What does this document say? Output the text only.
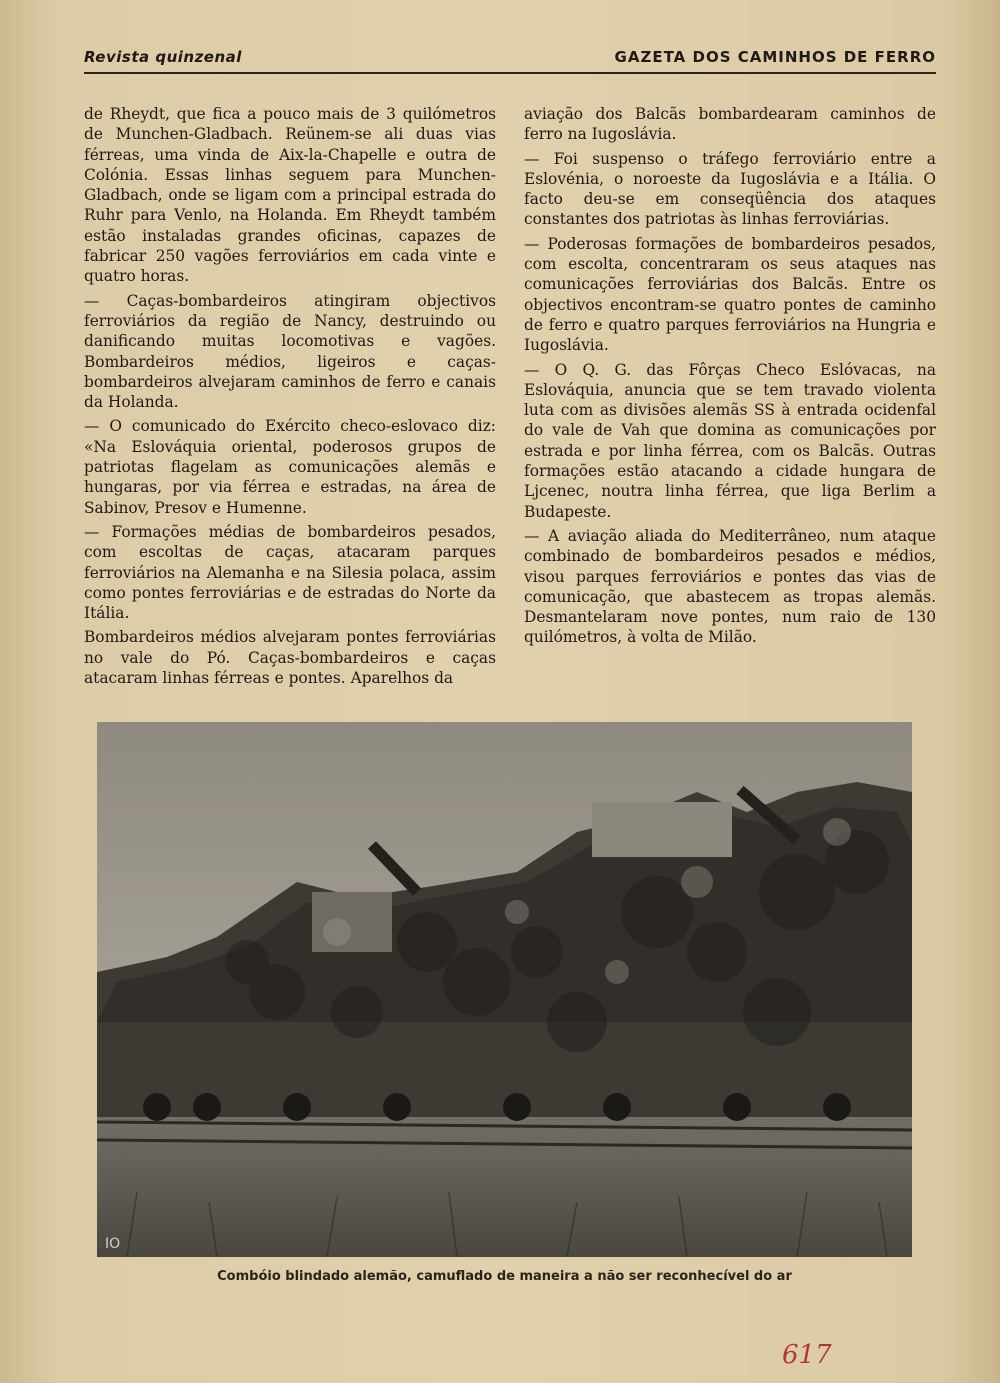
Revista quinzenal	GAZETA DOS CAMINHOS DE FERRO

de Rheydt, que fica a pouco mais de 3 quilómetros de Munchen-Gladbach. Reünem-se ali duas vias férreas, uma vinda de Aix-la-Chapelle e outra de Colónia. Essas linhas seguem para Munchen-Gladbach, onde se ligam com a principal estrada do Ruhr para Venlo, na Holanda. Em Rheydt também estão instaladas grandes oficinas, capazes de fabricar 250 vagões ferroviários em cada vinte e quatro horas.

— Caças-bombardeiros atingiram objectivos ferroviários da região de Nancy, destruindo ou danificando muitas locomotivas e vagões. Bombardeiros médios, ligeiros e caças-bombardeiros alvejaram caminhos de ferro e canais da Holanda.

— O comunicado do Exército checo-eslovaco diz: «Na Eslováquia oriental, poderosos grupos de patriotas flagelam as comunicações alemãs e hungaras, por via férrea e estradas, na área de Sabinov, Presov e Humenne.

— Formações médias de bombardeiros pesados, com escoltas de caças, atacaram parques ferroviários na Alemanha e na Silesia polaca, assim como pontes ferroviárias e de estradas do Norte da Itália.

Bombardeiros médios alvejaram pontes ferroviárias no vale do Pó. Caças-bombardeiros e caças atacaram linhas férreas e pontes. Aparelhos da

aviação dos Balcãs bombardearam caminhos de ferro na Iugoslávia.

— Foi suspenso o tráfego ferroviário entre a Eslovénia, o noroeste da Iugoslávia e a Itália. O facto deu-se em conseqüência dos ataques constantes dos patriotas às linhas ferroviárias.

— Poderosas formações de bombardeiros pesados, com escolta, concentraram os seus ataques nas comunicações ferroviárias dos Balcãs. Entre os objectivos encontram-se quatro pontes de caminho de ferro e quatro parques ferroviários na Hungria e Iugoslávia.

— O Q. G. das Fôrças Checo Eslóvacas, na Eslováquia, anuncia que se tem travado violenta luta com as divisões alemãs SS à entrada ocidenfal do vale de Vah que domina as comunicações por estrada e por linha férrea, com os Balcãs. Outras formações estão atacando a cidade hungara de Ljcenec, noutra linha férrea, que liga Berlim a Budapeste.

— A aviação aliada do Mediterrâneo, num ataque combinado de bombardeiros pesados e médios, visou parques ferroviários e pontes das vias de comunicação, que abastecem as tropas alemãs. Desmantelaram nove pontes, num raio de 130 quilómetros, à volta de Milão.

IO
Combóio blindado alemão, camuflado de maneira a não ser reconhecível do ar
617
